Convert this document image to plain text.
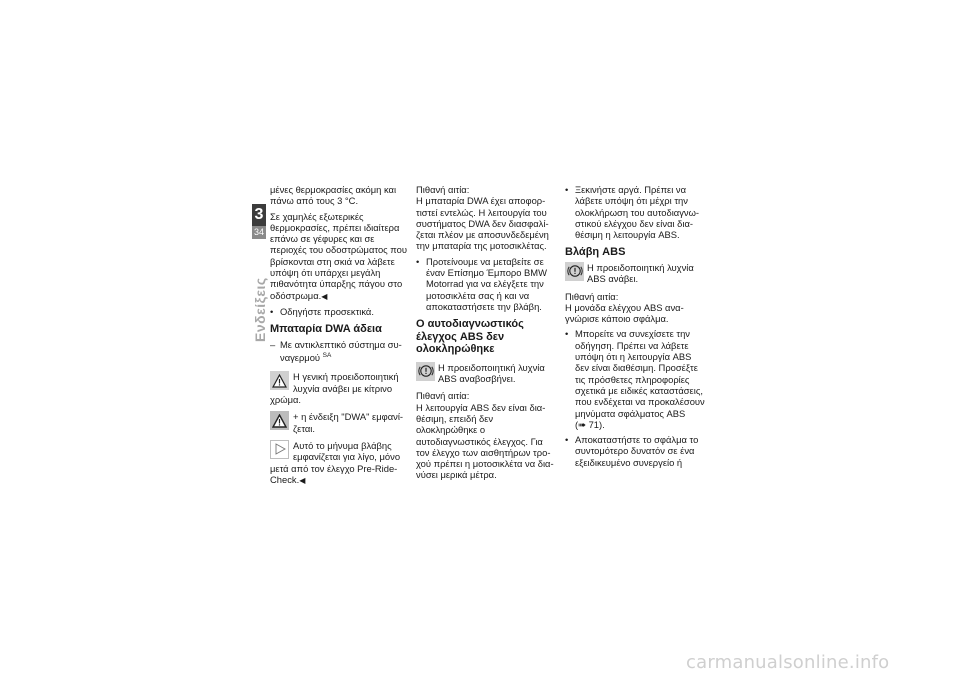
3
34
Ενδείξεις

μένες θερμοκρασίες ακόμη και πάνω από τους 3 °C.

Σε χαμηλές εξωτερικές θερμοκρασίες, πρέπει ιδιαίτερα επάνω σε γέφυρες και σε περιοχές του οδοστρώματος που βρίσκονται στη σκιά να λάβετε υπόψη ότι υπάρχει μεγάλη πιθανότητα ύπαρξης πάγου στο οδόστρωμα.◀

• Οδηγήστε προσεκτικά.
Μπαταρία DWA άδεια
– Με αντικλεπτικό σύστημα συναγερμού $^{SA}$

Η γενική προειδοποιητική λυχνία ανάβει με κίτρινο χρώμα.

+ η ένδειξη "DWA" εμφανίζεται.

Αυτό το μήνυμα βλάβης εμφανίζεται για λίγο, μόνο μετά από τον έλεγχο Pre-Ride-Check.◀

Πιθανή αιτία:

Η μπαταρία DWA έχει αποφορτιστεί εντελώς. Η λειτουργία του συστήματος DWA δεν διασφαλίζεται πλέον με αποσυνδεδεμένη την μπαταρία της μοτοσικλέτας.

• Προτείνουμε να μεταβείτε σε έναν Επίσημο Έμπορο BMW Motorrad για να ελέγξετε την μοτοσικλέτα σας ή και να αποκαταστήσετε την βλάβη.
Ο αυτοδιαγνωστικός έλεγχος ABS δεν ολοκληρώθηκε

Η προειδοποιητική λυχνία ABS αναβοσβήνει.

Πιθανή αιτία:

Η λειτουργία ABS δεν είναι διαθέσιμη, επειδή δεν ολοκληρώθηκε ο αυτοδιαγνωστικός έλεγχος. Για τον έλεγχο των αισθητήρων τροχού πρέπει η μοτοσικλέτα να διανύσει μερικά μέτρα.

• Ξεκινήστε αργά. Πρέπει να λάβετε υπόψη ότι μέχρι την ολοκλήρωση του αυτοδιαγνωστικού ελέγχου δεν είναι διαθέσιμη η λειτουργία ABS.
Βλάβη ABS

Η προειδοποιητική λυχνία ABS ανάβει.

Πιθανή αιτία:

Η μονάδα ελέγχου ABS αναγνώρισε κάποιο σφάλμα.

• Μπορείτε να συνεχίσετε την οδήγηση. Πρέπει να λάβετε υπόψη ότι η λειτουργία ABS δεν είναι διαθέσιμη. Προσέξτε τις πρόσθετες πληροφορίες σχετικά με ειδικές καταστάσεις, που ενδέχεται να προκαλέσουν μηνύματα σφάλματος ABS
(➠ 71).
• Αποκαταστήστε το σφάλμα το συντομότερο δυνατόν σε ένα εξειδικευμένο συνεργείο ή
carmanualsonline.info
